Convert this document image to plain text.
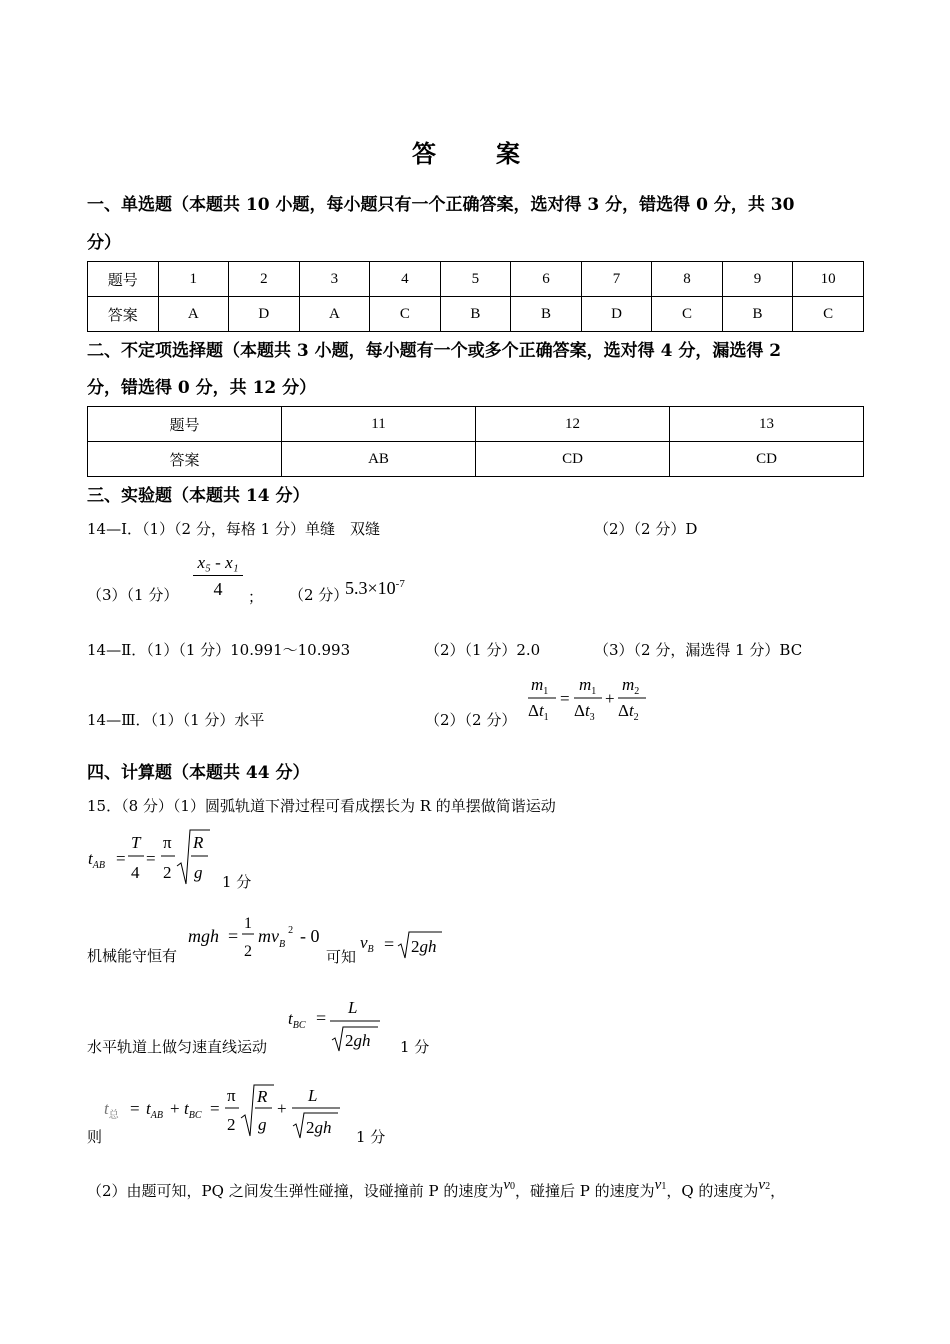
答　案
一、单选题（本题共 10 小题，每小题只有一个正确答案，选对得 3 分，错选得 0 分，共 30
分）
题号	1	2	3	4	5	6	7	8	9	10
答案	A	D	A	C	B	B	D	C	B	C
二、不定项选择题（本题共 3 小题，每小题有一个或多个正确答案，选对得 4 分，漏选得 2
分，错选得 0 分，共 12 分）
题号	11	12	13
答案	AB	CD	CD
三、实验题（本题共 14 分）
14—Ⅰ．（1）（2 分，每格 1 分）单缝　双缝	（2）（2 分）D
（3）（1 分）
x₅ - x₁
4	； （2 分）
$5.3\times 10^{-7}$
14—Ⅱ．（1）（1 分）10.991～10.993	（2）（1 分）2.0	（3）（2 分，漏选得 1 分）BC
14—Ⅲ．（1）（1 分）水平	（2）（2 分）
$m_1$
$\Delta t_1$
=
$m_1$
$\Delta t_3$
+
$m_2$
$\Delta t_2$
四、计算题（本题共 44 分）
15．（8 分）（1）圆弧轨道下滑过程可看成摆长为 R 的单摆做简谐运动
$t_{AB}$ =
T
4
=
π
2
R
g 1 分
机械能守恒有
mgh =
1
2
$mv_B^2 - 0$
可知
$v_B = 2gh$
水平轨道上做匀速直线运动
$t_{BC}$ =
L
2gh 1 分
则
$t_总 = t_{AB} + t_{BC}$ =
π
2
R
g
+
L
2gh 1 分
（2）由题可知，PQ 之间发生弹性碰撞，设碰撞前 P 的速度为v0，碰撞后 P 的速度为v1，Q 的速度为v2，
